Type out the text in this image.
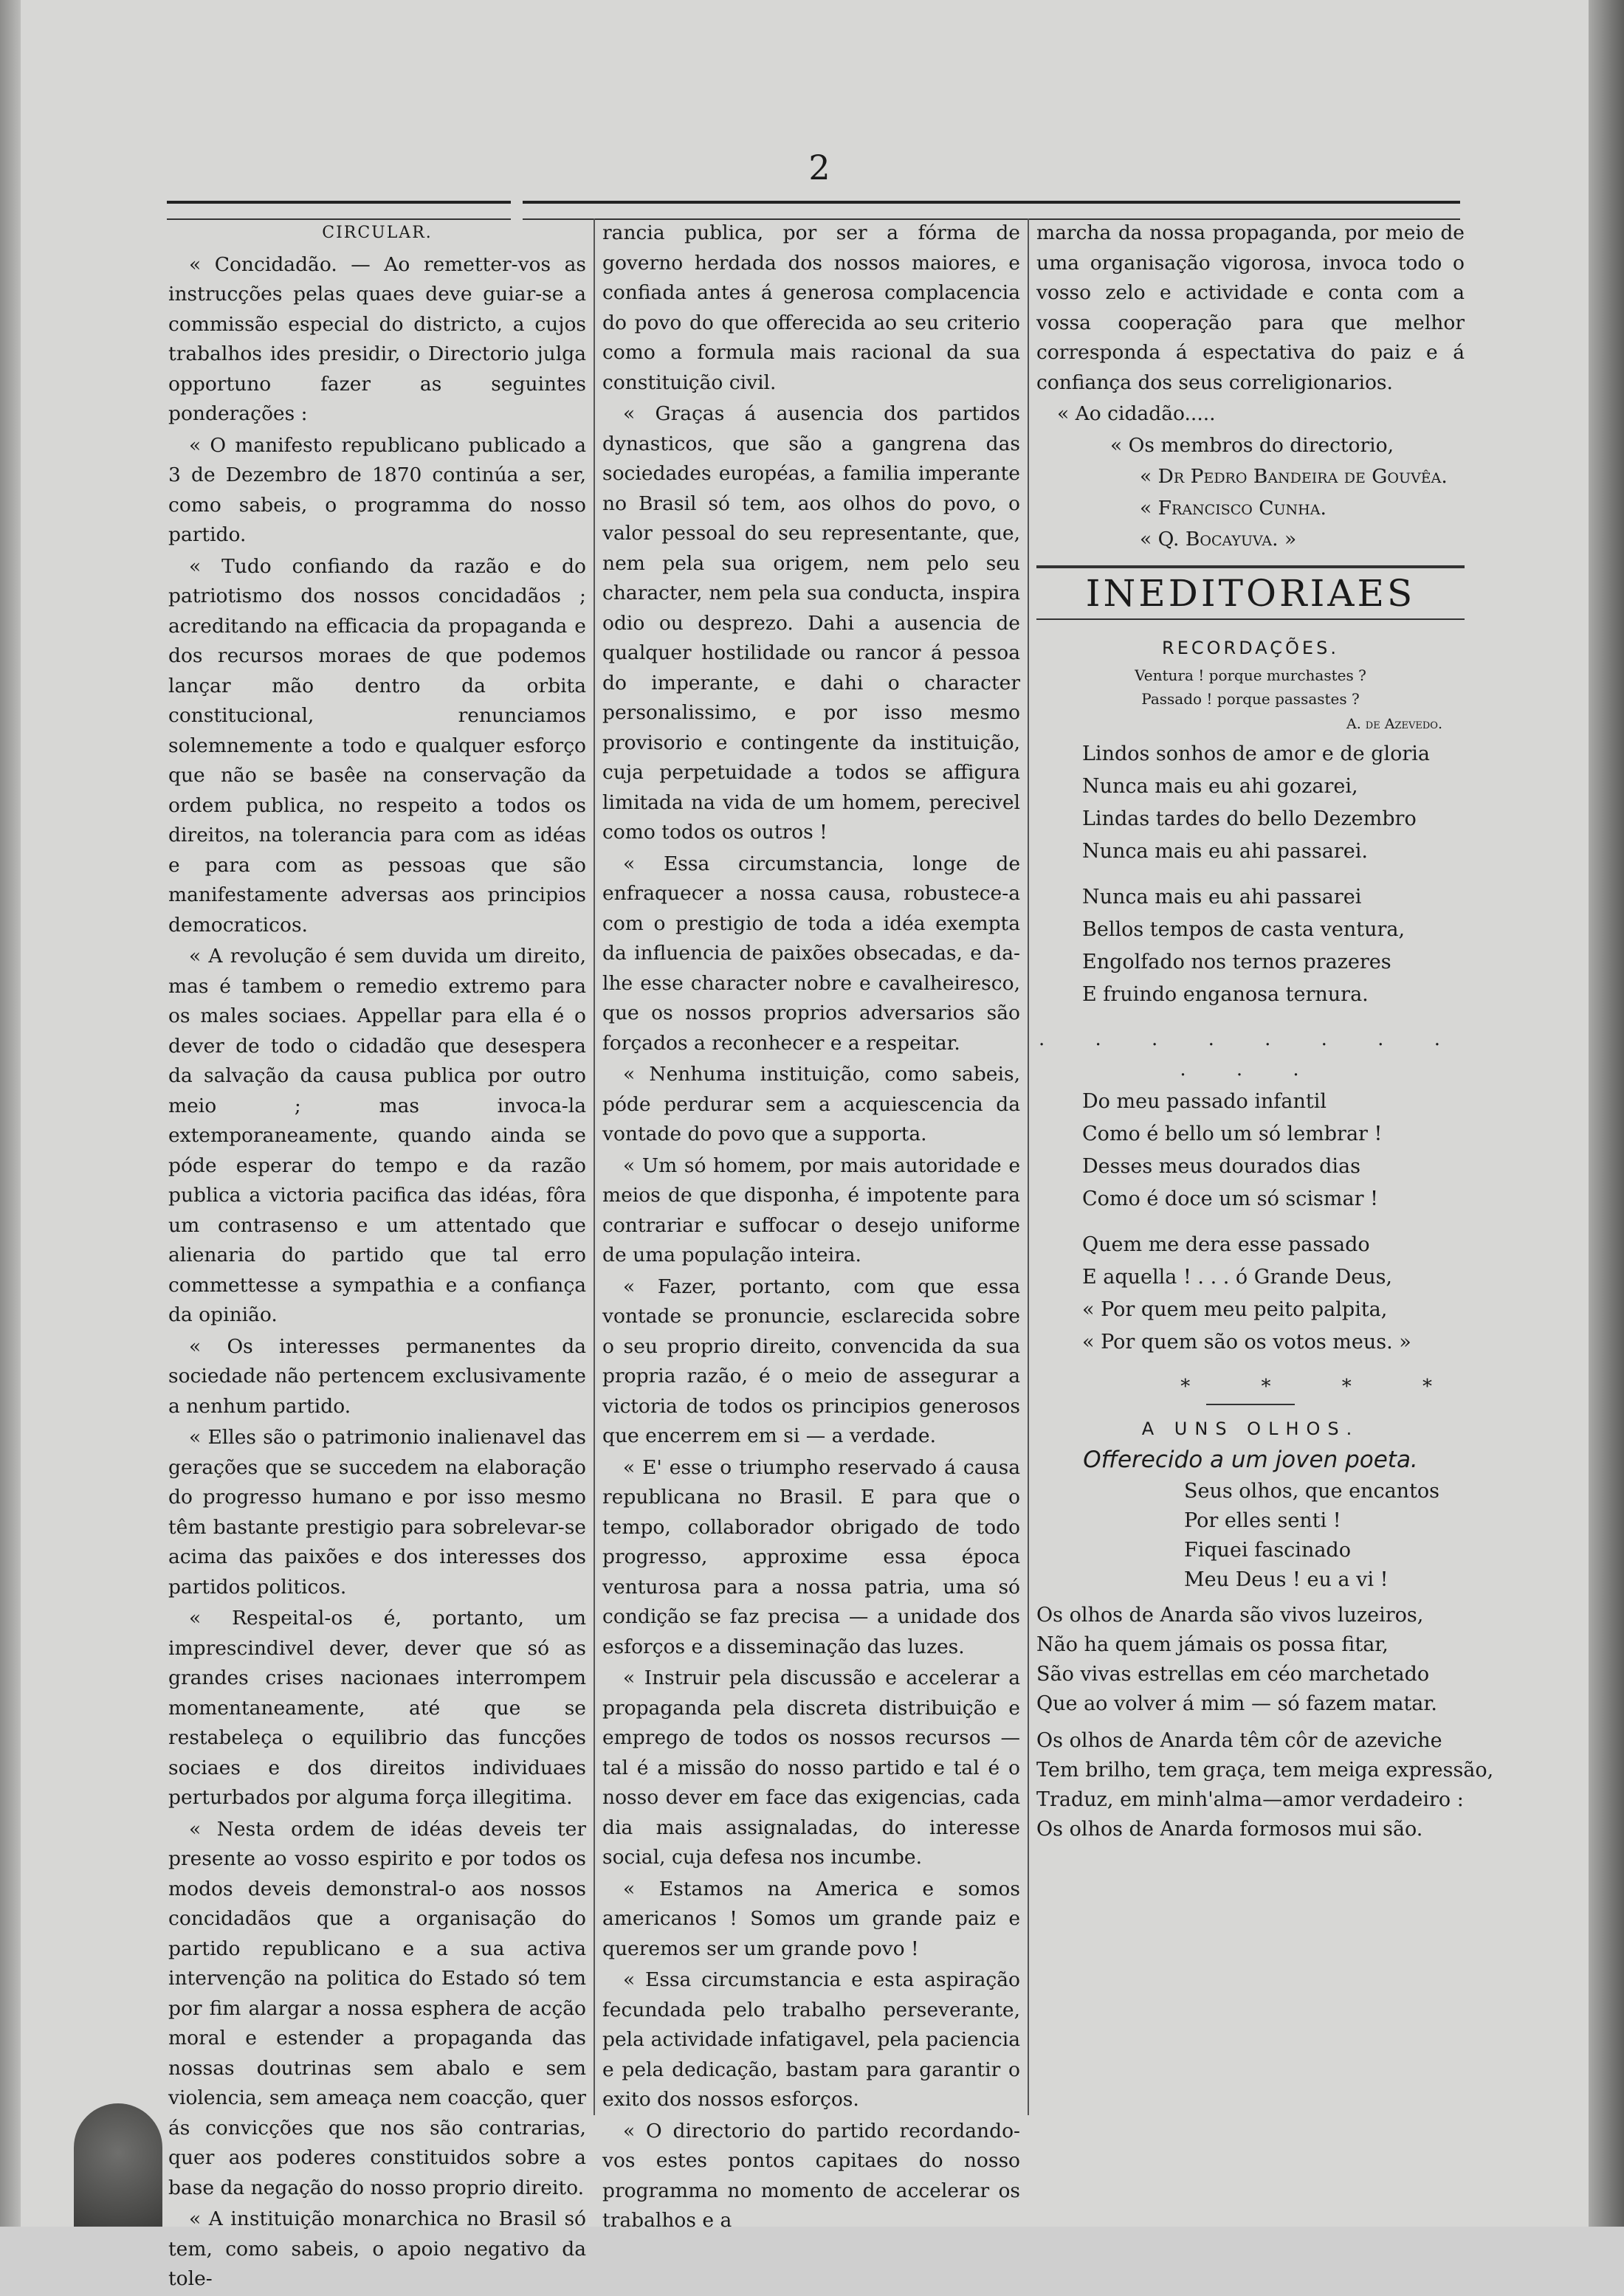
2

CIRCULAR.

« Concidadão. — Ao remetter-vos as instrucções pelas quaes deve guiar-se a commissão especial do districto, a cujos trabalhos ides presidir, o Directorio julga opportuno fazer as seguintes ponderações :

« O manifesto republicano publicado a 3 de Dezembro de 1870 continúa a ser, como sabeis, o programma do nosso partido.

« Tudo confiando da razão e do patriotismo dos nossos concidadãos ; acreditando na efficacia da propaganda e dos recursos moraes de que podemos lançar mão dentro da orbita constitucional, renunciamos solemnemente a todo e qualquer esforço que não se basêe na conservação da ordem publica, no respeito a todos os direitos, na tolerancia para com as idéas e para com as pessoas que são manifestamente adversas aos principios democraticos.

« A revolução é sem duvida um direito, mas é tambem o remedio extremo para os males sociaes. Appellar para ella é o dever de todo o cidadão que desespera da salvação da causa publica por outro meio ; mas invoca-la extemporaneamente, quando ainda se póde esperar do tempo e da razão publica a victoria pacifica das idéas, fôra um contrasenso e um attentado que alienaria do partido que tal erro commettesse a sympathia e a confiança da opinião.

« Os interesses permanentes da sociedade não pertencem exclusivamente a nenhum partido.

« Elles são o patrimonio inalienavel das gerações que se succedem na elaboração do progresso humano e por isso mesmo têm bastante prestigio para sobrelevar-se acima das paixões e dos interesses dos partidos politicos.

« Respeital-os é, portanto, um imprescindivel dever, dever que só as grandes crises nacionaes interrompem momentaneamente, até que se restabeleça o equilibrio das funcções sociaes e dos direitos individuaes perturbados por alguma força illegitima.

« Nesta ordem de idéas deveis ter presente ao vosso espirito e por todos os modos deveis demonstral-o aos nossos concidadãos que a organisação do partido republicano e a sua activa intervenção na politica do Estado só tem por fim alargar a nossa esphera de acção moral e estender a propaganda das nossas doutrinas sem abalo e sem violencia, sem ameaça nem coacção, quer ás convicções que nos são contrarias, quer aos poderes constituidos sobre a base da negação do nosso proprio direito.

« A instituição monarchica no Brasil só tem, como sabeis, o apoio negativo da tole-

rancia publica, por ser a fórma de governo herdada dos nossos maiores, e confiada antes á generosa complacencia do povo do que offerecida ao seu criterio como a formula mais racional da sua constituição civil.

« Graças á ausencia dos partidos dynasticos, que são a gangrena das sociedades européas, a familia imperante no Brasil só tem, aos olhos do povo, o valor pessoal do seu representante, que, nem pela sua origem, nem pelo seu character, nem pela sua conducta, inspira odio ou desprezo. Dahi a ausencia de qualquer hostilidade ou rancor á pessoa do imperante, e dahi o character personalissimo, e por isso mesmo provisorio e contingente da instituição, cuja perpetuidade a todos se affigura limitada na vida de um homem, perecivel como todos os outros !

« Essa circumstancia, longe de enfraquecer a nossa causa, robustece-a com o prestigio de toda a idéa exempta da influencia de paixões obsecadas, e da-lhe esse character nobre e cavalheiresco, que os nossos proprios adversarios são forçados a reconhecer e a respeitar.

« Nenhuma instituição, como sabeis, póde perdurar sem a acquiescencia da vontade do povo que a supporta.

« Um só homem, por mais autoridade e meios de que disponha, é impotente para contrariar e suffocar o desejo uniforme de uma população inteira.

« Fazer, portanto, com que essa vontade se pronuncie, esclarecida sobre o seu proprio direito, convencida da sua propria razão, é o meio de assegurar a victoria de todos os principios generosos que encerrem em si — a verdade.

« E' esse o triumpho reservado á causa republicana no Brasil. E para que o tempo, collaborador obrigado de todo progresso, approxime essa época venturosa para a nossa patria, uma só condição se faz precisa — a unidade dos esforços e a disseminação das luzes.

« Instruir pela discussão e accelerar a propaganda pela discreta distribuição e emprego de todos os nossos recursos — tal é a missão do nosso partido e tal é o nosso dever em face das exigencias, cada dia mais assignaladas, do interesse social, cuja defesa nos incumbe.

« Estamos na America e somos americanos ! Somos um grande paiz e queremos ser um grande povo !

« Essa circumstancia e esta aspiração fecundada pelo trabalho perseverante, pela actividade infatigavel, pela paciencia e pela dedicação, bastam para garantir o exito dos nossos esforços.

« O directorio do partido recordando-vos estes pontos capitaes do nosso programma no momento de accelerar os trabalhos e a

marcha da nossa propaganda, por meio de uma organisação vigorosa, invoca todo o vosso zelo e actividade e conta com a vossa cooperação para que melhor corresponda á espectativa do paiz e á confiança dos seus correligionarios.

« Ao cidadão.....

« Os membros do directorio,

« Dr Pedro Bandeira de Gouvêa.

« Francisco Cunha.

« Q. Bocayuva. »

INEDITORIAES

RECORDAÇÕES.

Ventura ! porque murchastes ?

Passado ! porque passastes ?

A. de Azevedo.

Lindos sonhos de amor e de gloria
Nunca mais eu ahi gozarei,
Lindas tardes do bello Dezembro
Nunca mais eu ahi passarei.
Nunca mais eu ahi passarei
Bellos tempos de casta ventura,
Engolfado nos ternos prazeres
E fruindo enganosa ternura.

. . . . . . . . . . .

Do meu passado infantil
Como é bello um só lembrar !
Desses meus dourados dias
Como é doce um só scismar !
Quem me dera esse passado
E aquella ! . . . ó Grande Deus,
« Por quem meu peito palpita,
« Por quem são os votos meus. »

* * * *

A UNS OLHOS.

Offerecido a um joven poeta.

Seus olhos, que encantos
Por elles senti !
Fiquei fascinado
Meu Deus ! eu a vi !
Os olhos de Anarda são vivos luzeiros,
Não ha quem jámais os possa fitar,
São vivas estrellas em céo marchetado
Que ao volver á mim — só fazem matar.
Os olhos de Anarda têm côr de azeviche
Tem brilho, tem graça, tem meiga expressão,
Traduz, em minh'alma—amor verdadeiro :
Os olhos de Anarda formosos mui são.
